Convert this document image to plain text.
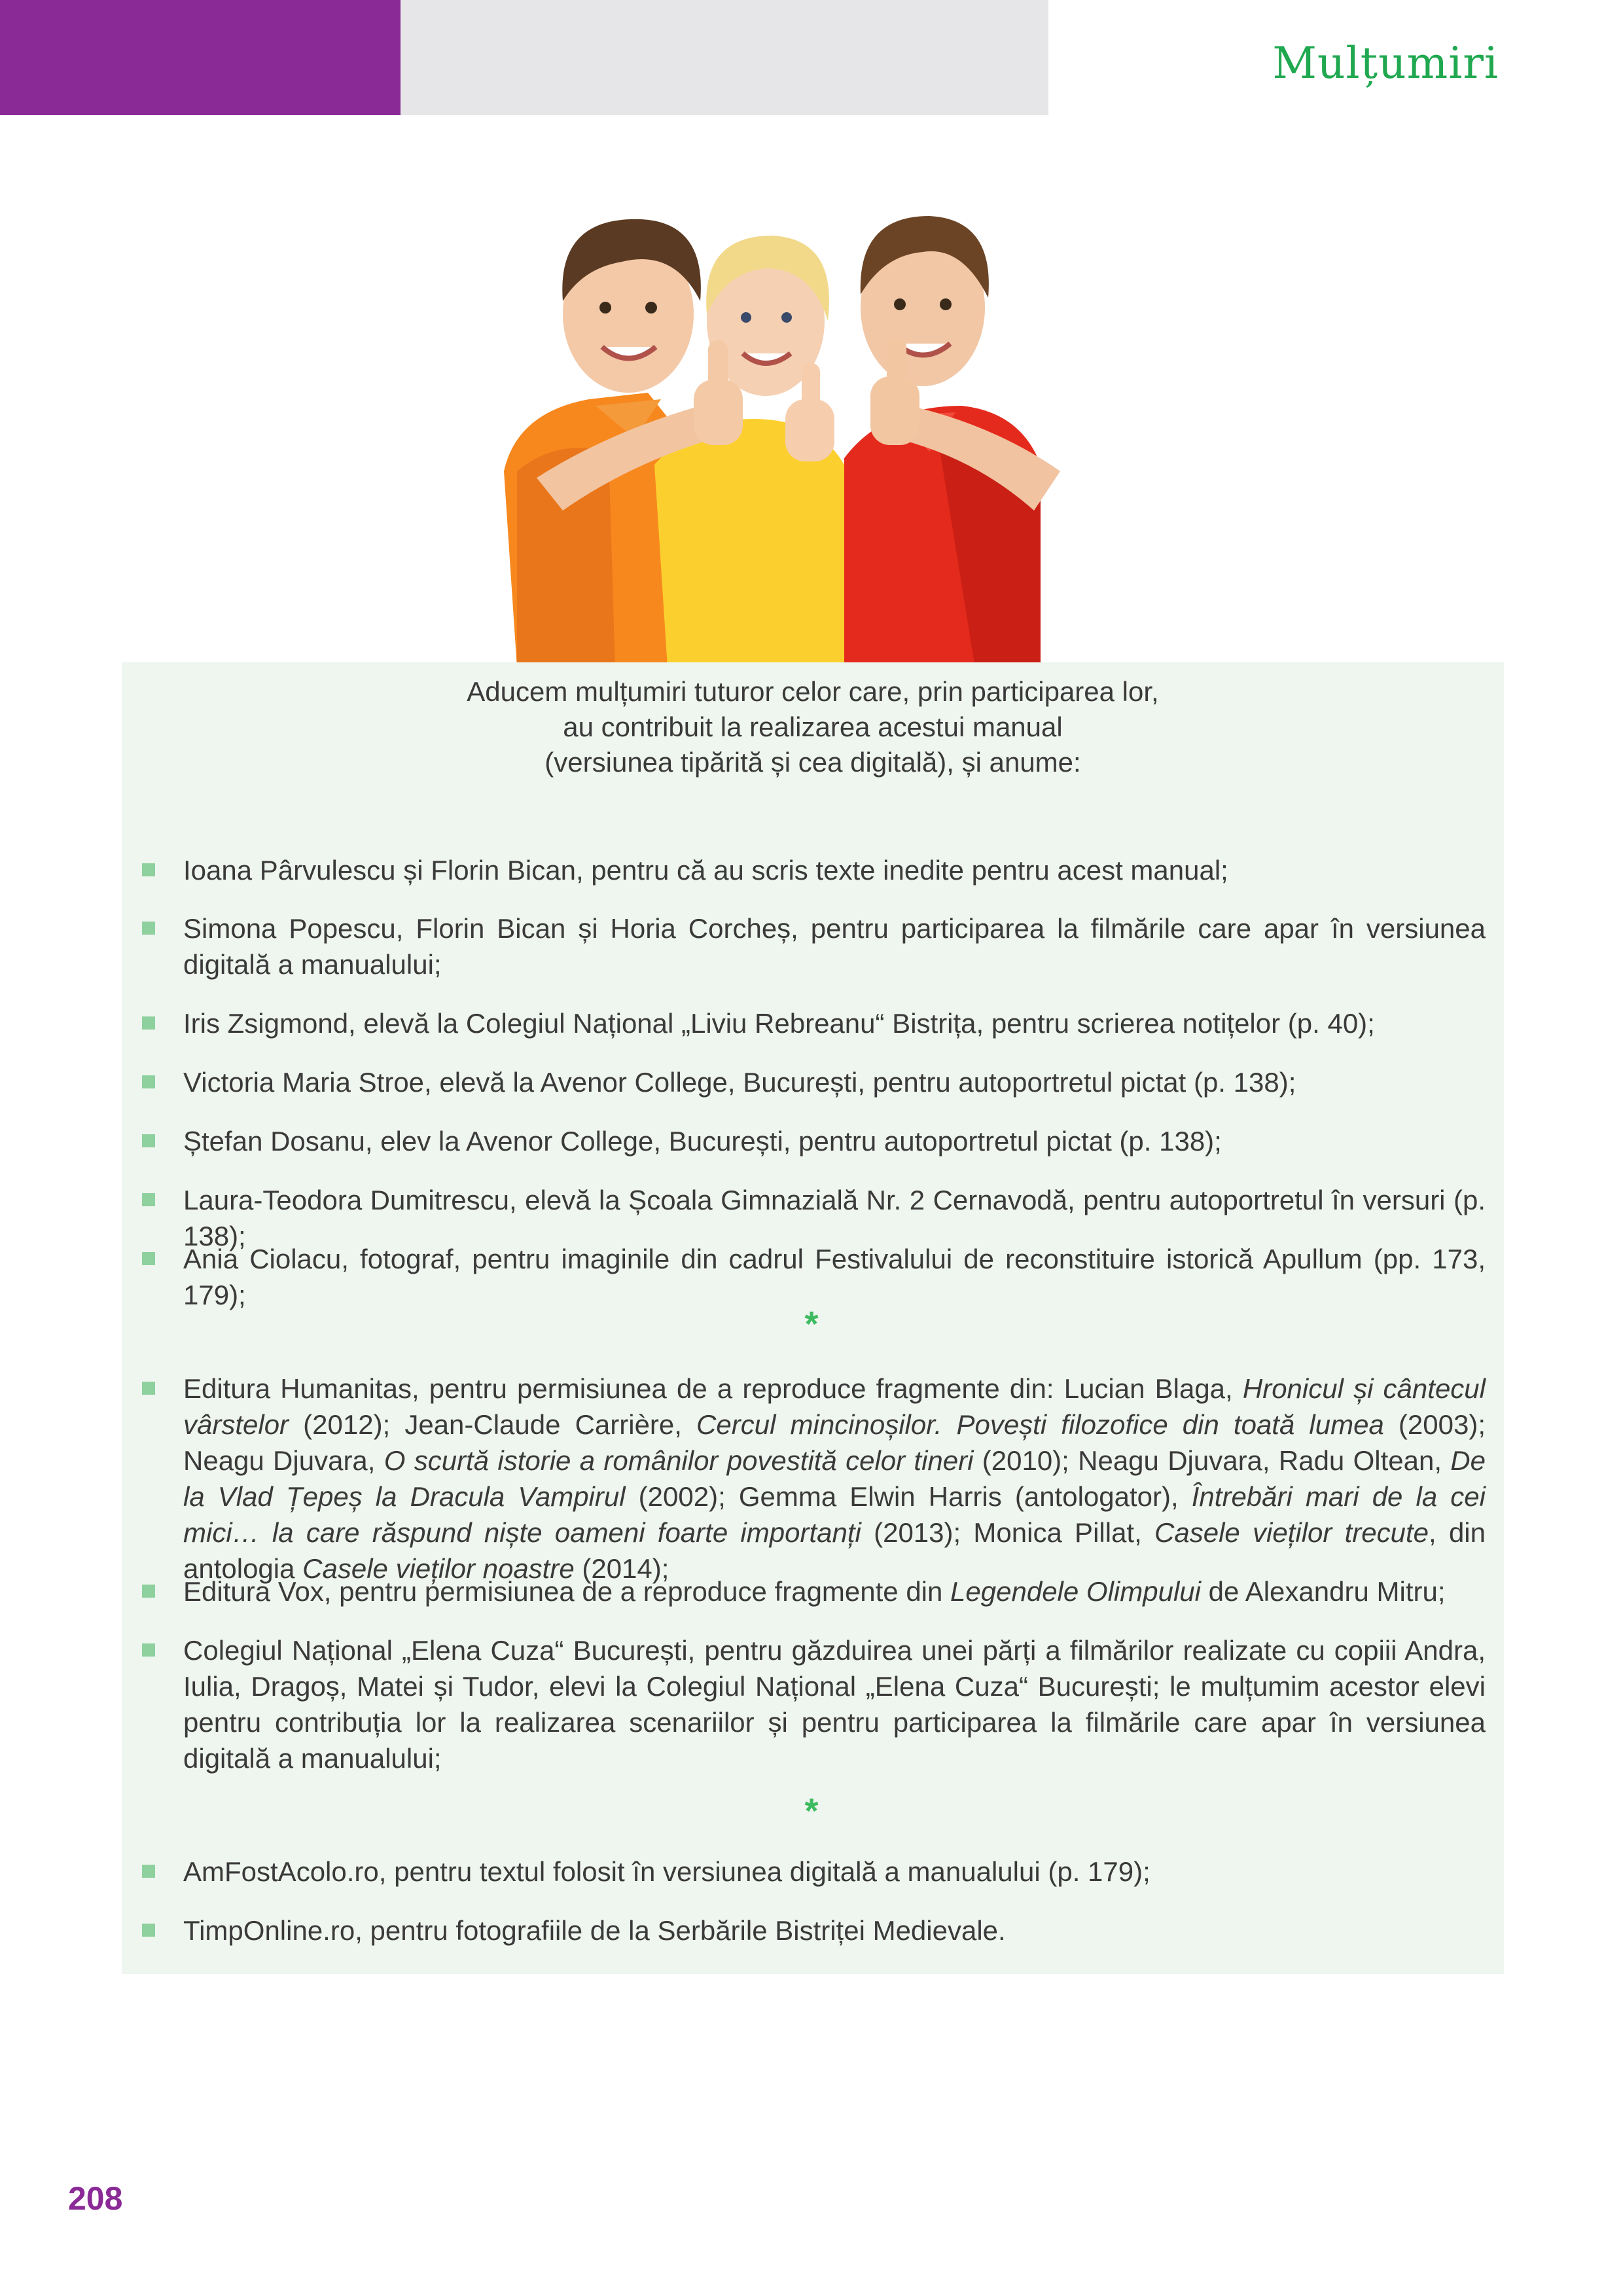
Mulțumiri
Aducem mulțumiri tuturor celor care, prin participarea lor,
au contribuit la realizarea acestui manual
(versiunea tipărită și cea digitală), și anume:
Ioana Pârvulescu și Florin Bican, pentru că au scris texte inedite pentru acest manual;
Simona Popescu, Florin Bican și Horia Corcheș, pentru participarea la filmările care apar în versiunea digitală a manualului;
Iris Zsigmond, elevă la Colegiul Național „Liviu Rebreanu“ Bistrița, pentru scrierea notițelor (p. 40);
Victoria Maria Stroe, elevă la Avenor College, București, pentru autoportretul pictat (p. 138);
Ștefan Dosanu, elev la Avenor College, București, pentru autoportretul pictat (p. 138);
Laura-Teodora Dumitrescu, elevă la Școala Gimnazială Nr. 2 Cernavodă, pentru autoportretul în versuri (p. 138);
Ania Ciolacu, fotograf, pentru imaginile din cadrul Festivalului de reconstituire istorică Apullum (pp. 173, 179);
*
Editura Humanitas, pentru permisiunea de a reproduce fragmente din: Lucian Blaga, Hronicul și cântecul vârstelor (2012); Jean-Claude Carrière, Cercul mincinoșilor. Povești filozofice din toată lumea (2003); Neagu Djuvara, O scurtă istorie a românilor povestită celor tineri (2010); Neagu Djuvara, Radu Oltean, De la Vlad Țepeș la Dracula Vampirul (2002); Gemma Elwin Harris (antologator), Întrebări mari de la cei mici… la care răspund niște oameni foarte importanți (2013); Monica Pillat, Casele vieților trecute, din antologia Casele vieților noastre (2014);
Editura Vox, pentru permisiunea de a reproduce fragmente din Legendele Olimpului de Alexandru Mitru;
Colegiul Național „Elena Cuza“ București, pentru găzduirea unei părți a filmărilor realizate cu copiii Andra, Iulia, Dragoș, Matei și Tudor, elevi la Colegiul Național „Elena Cuza“ București; le mulțumim acestor elevi pentru contribuția lor la realizarea scenariilor și pentru participarea la filmările care apar în versiunea digitală a manualului;
*
AmFostAcolo.ro, pentru textul folosit în versiunea digitală a manualului (p. 179);
TimpOnline.ro, pentru fotografiile de la Serbările Bistriței Medievale.
208
